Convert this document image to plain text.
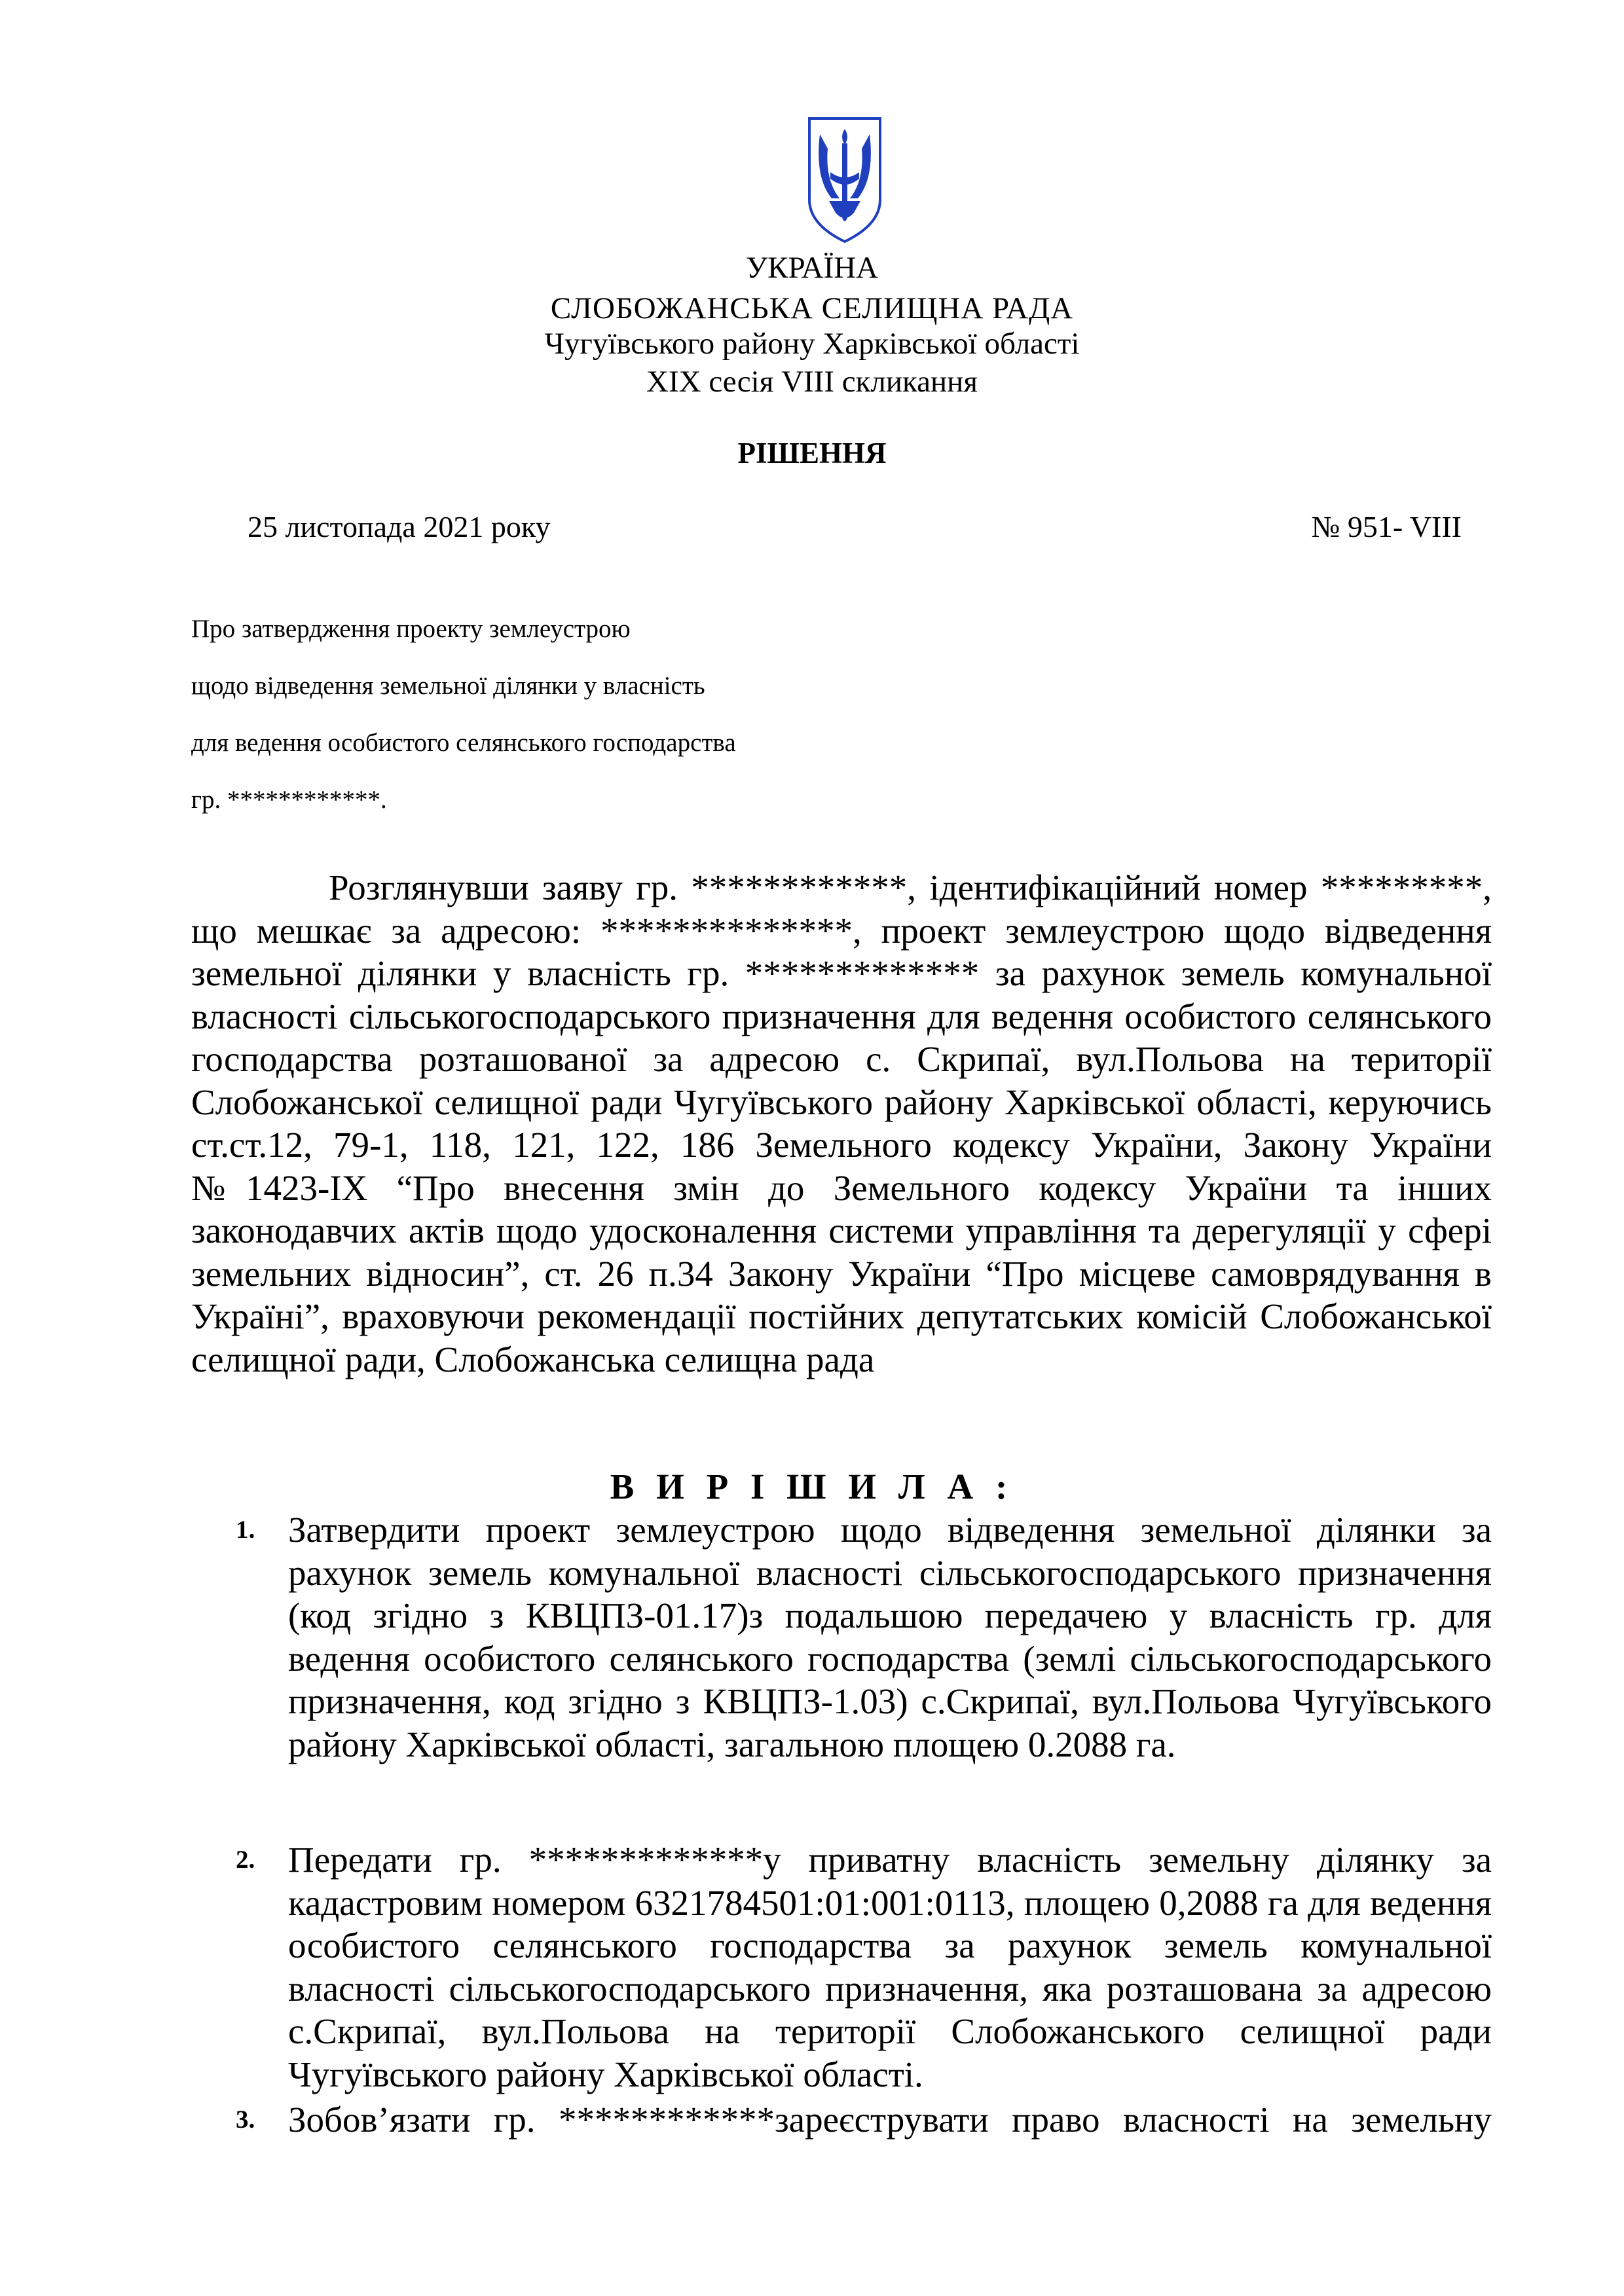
УКРАЇНА
СЛОБОЖАНСЬКА СЕЛИЩНА РАДА
Чугуївського району Харківської області
ХІХ сесія VIІІ скликання
РІШЕННЯ
25 листопада 2021 року	№ 951- VIII
Про затвердження проекту землеустрою
щодо відведення земельної ділянки у власність
для ведення особистого селянського господарства
гр. ************.
Розглянувши заяву гр. ************, ідентифікаційний номер *********, що мешкає за адресою: **************, проект землеустрою щодо відведення земельної ділянки у власність гр. ************* за рахунок земель комунальної власності сільськогосподарського призначення для ведення особистого селянського господарства розташованої за адресою с. Скрипаї, вул.Польова на території Слобожанської селищної ради Чугуївського району Харківської області, керуючись ст.ст.12, 79-1, 118, 121, 122, 186 Земельного кодексу України, Закону України №1423-IX “Про внесення змін до Земельного кодексу України та інших законодавчих актів щодо удосконалення системи управління та дерегуляції у сфері земельних відносин”, ст. 26 п.34 Закону України “Про місцеве самоврядування в Україні”, враховуючи рекомендації постійних депутатських комісій Слобожанської селищної ради, Слобожанська селищна рада
В И Р І Ш И Л А :
1. Затвердити проект землеустрою щодо відведення земельної ділянки за рахунок земель комунальної власності сільськогосподарського призначення (код згідно з КВЦПЗ-01.17)з подальшою передачею у власність гр. для ведення особистого селянського господарства (землі сільськогосподарського призначення, код згідно з КВЦПЗ-1.03) с.Скрипаї, вул.Польова Чугуївського району Харківської області, загальною площею 0.2088 га.
2. Передати гр. *************у приватну власність земельну ділянку за кадастровим номером 6321784501:01:001:0113, площею 0,2088 га для ведення особистого селянського господарства за рахунок земель комунальної власності сільськогосподарського призначення, яка розташована за адресою с.Скрипаї, вул.Польова на території Слобожанського селищної ради Чугуївського району Харківської області.
3. Зобов’язати гр. ************зареєструвати право власності на земельну
